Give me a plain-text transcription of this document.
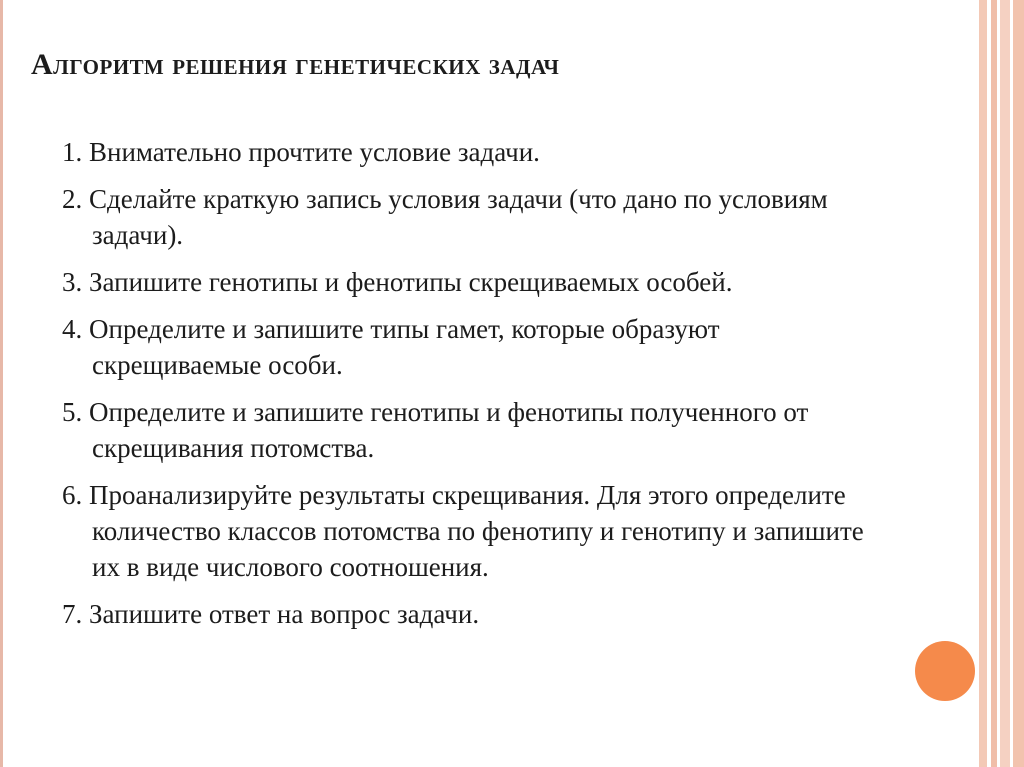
Алгоритм решения генетических задач
1. Внимательно прочтите условие задачи.
2. Сделайте краткую запись условия задачи (что дано по условиям задачи).
3. Запишите генотипы и фенотипы скрещиваемых особей.
4. Определите и запишите типы гамет, которые образуют скрещиваемые особи.
5. Определите и запишите генотипы и фенотипы полученного от скрещивания потомства.
6. Проанализируйте результаты скрещивания. Для этого определите количество классов потомства по фенотипу и генотипу и запишите их в виде числового соотношения.
7. Запишите ответ на вопрос задачи.
